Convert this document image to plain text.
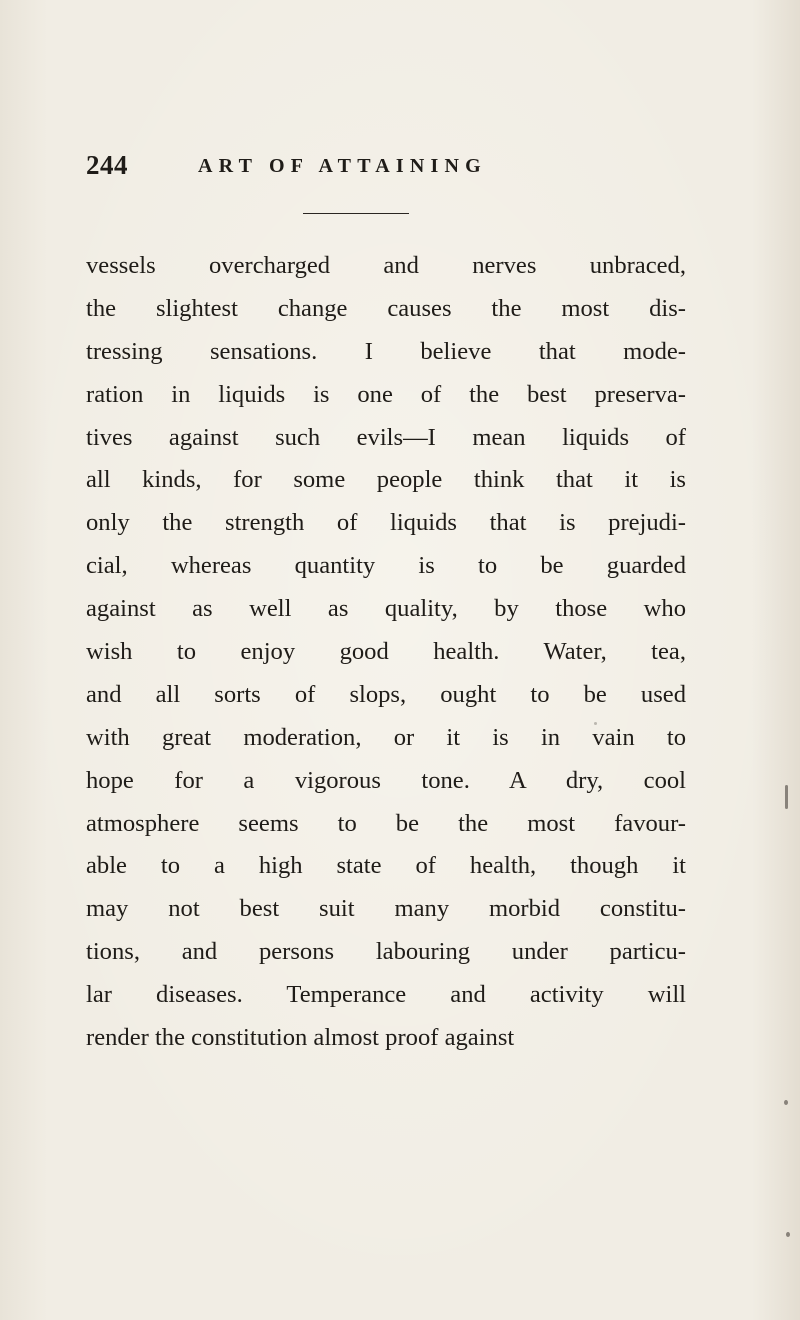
244	ART OF ATTAINING
vessels overcharged and nerves unbraced,
the slightest change causes the most dis-
tressing sensations. I believe that mode-
ration in liquids is one of the best preserva-
tives against such evils—I mean liquids of
all kinds, for some people think that it is
only the strength of liquids that is prejudi-
cial, whereas quantity is to be guarded
against as well as quality, by those who
wish to enjoy good health. Water, tea,
and all sorts of slops, ought to be used
with great moderation, or it is in vain to
hope for a vigorous tone. A dry, cool
atmosphere seems to be the most favour-
able to a high state of health, though it
may not best suit many morbid constitu-
tions, and persons labouring under particu-
lar diseases. Temperance and activity will
render the constitution almost proof against
